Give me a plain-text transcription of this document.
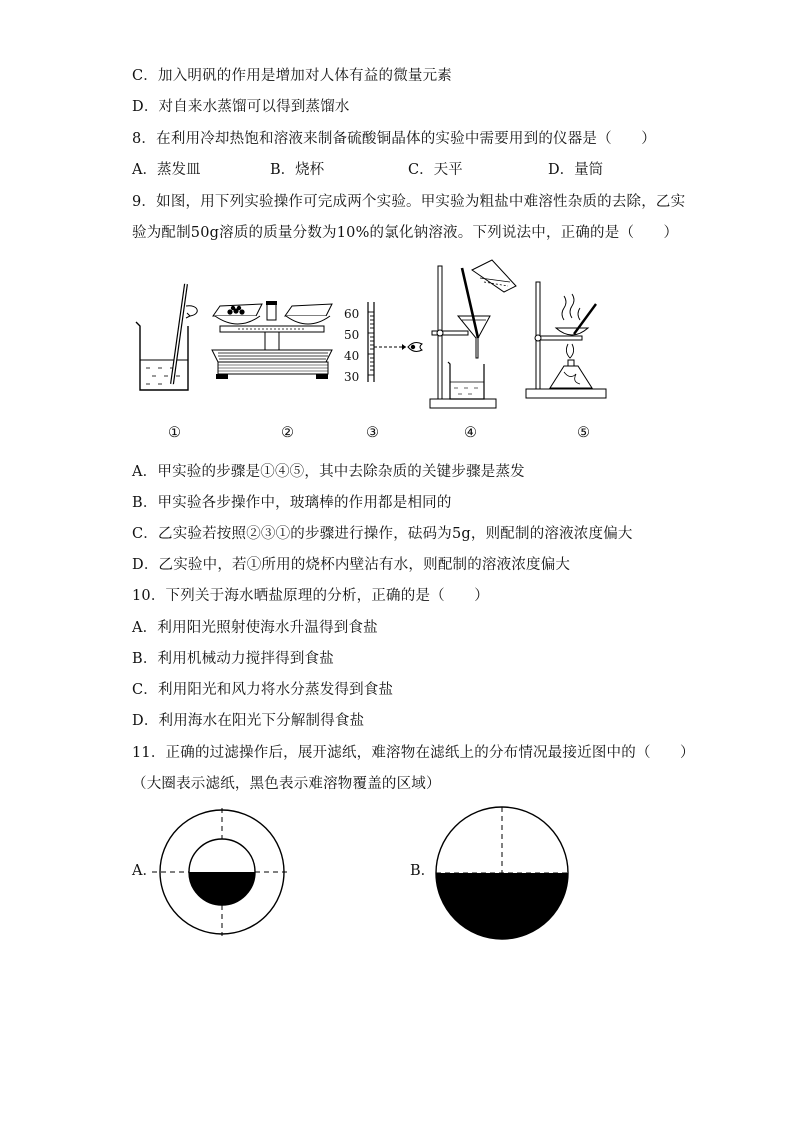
C．加入明矾的作用是增加对人体有益的微量元素
D．对自来水蒸馏可以得到蒸馏水
8．在利用冷却热饱和溶液来制备硫酸铜晶体的实验中需要用到的仪器是（　　）
A．蒸发皿	B．烧杯	C．天平	D．量筒
9．如图，用下列实验操作可完成两个实验。甲实验为粗盐中难溶性杂质的去除，乙实
验为配制50g溶质的质量分数为10%的氯化钠溶液。下列说法中，正确的是（　　）
60
50
40
30
①	②	③	④	⑤
A．甲实验的步骤是①④⑤，其中去除杂质的关键步骤是蒸发
B．甲实验各步操作中，玻璃棒的作用都是相同的
C．乙实验若按照②③①的步骤进行操作，砝码为5g，则配制的溶液浓度偏大
D．乙实验中，若①所用的烧杯内壁沾有水，则配制的溶液浓度偏大
10．下列关于海水晒盐原理的分析，正确的是（　　）
A．利用阳光照射使海水升温得到食盐
B．利用机械动力搅拌得到食盐
C．利用阳光和风力将水分蒸发得到食盐
D．利用海水在阳光下分解制得食盐
11．正确的过滤操作后，展开滤纸，难溶物在滤纸上的分布情况最接近图中的（　　）
（大圈表示滤纸，黑色表示难溶物覆盖的区域）
A．	B．
